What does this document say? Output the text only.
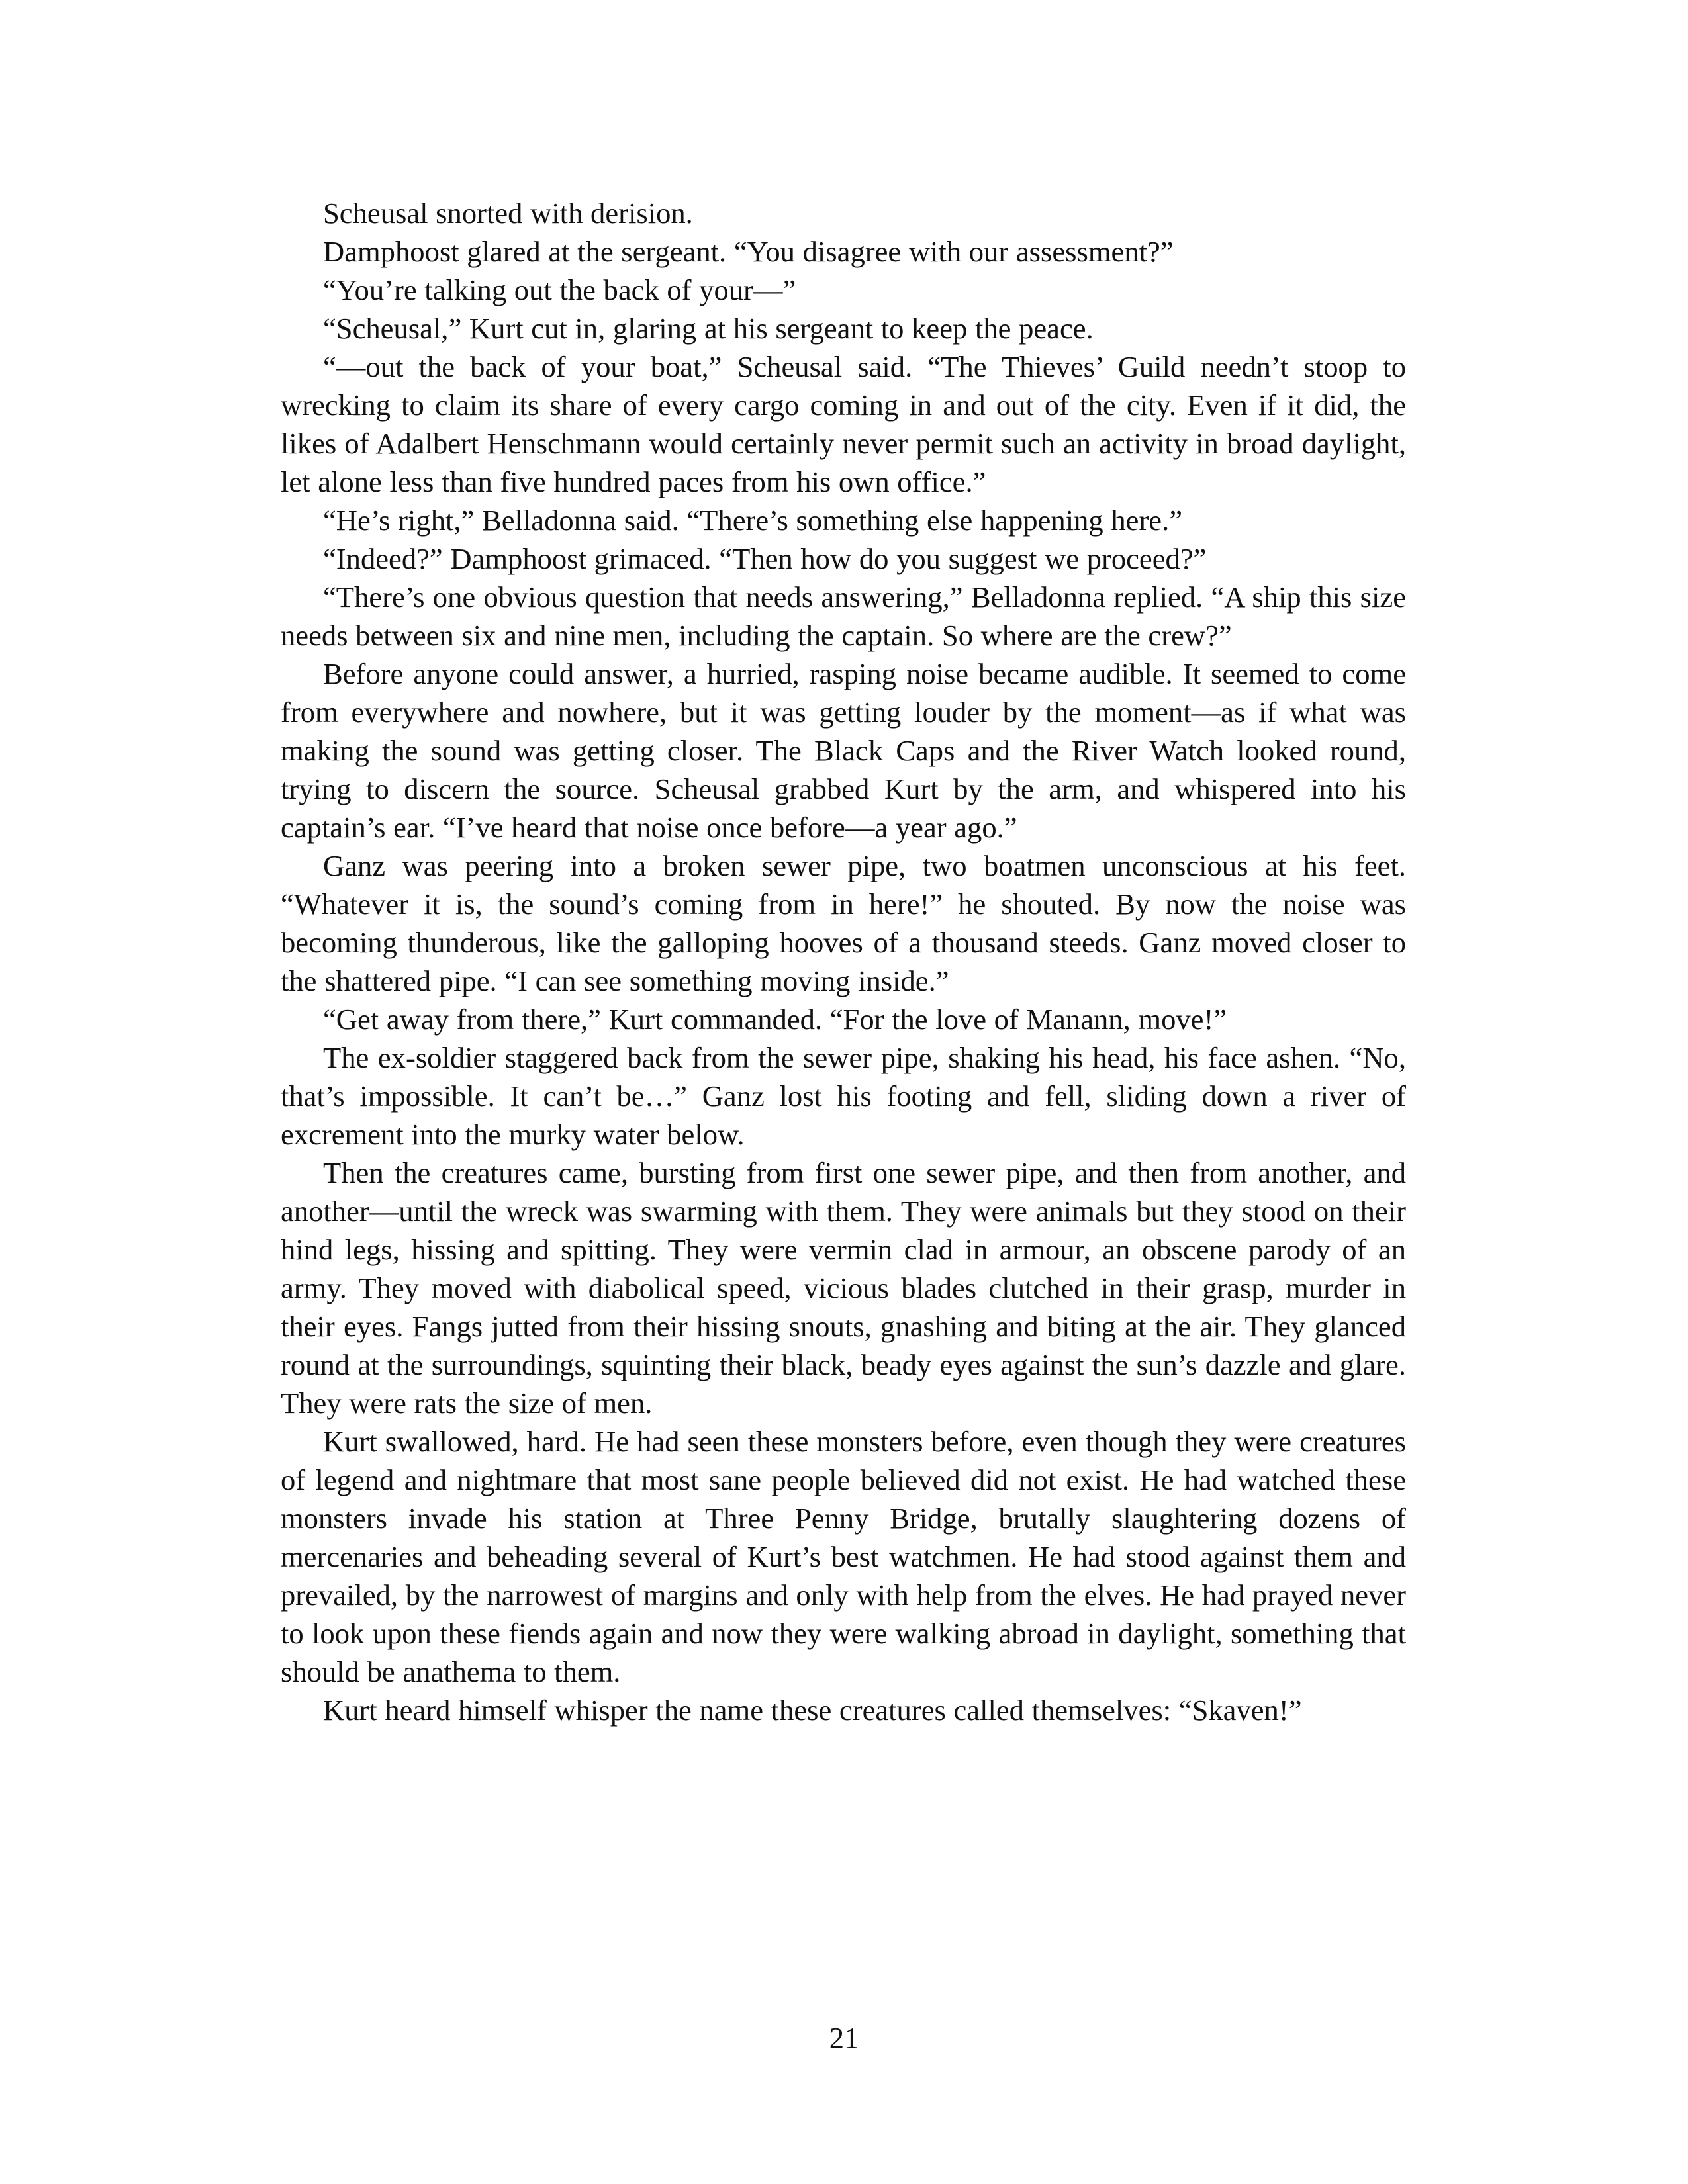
Scheusal snorted with derision.

Damphoost glared at the sergeant. “You disagree with our assessment?”

“You’re talking out the back of your—”

“Scheusal,” Kurt cut in, glaring at his sergeant to keep the peace.

“—out the back of your boat,” Scheusal said. “The Thieves’ Guild needn’t stoop to wrecking to claim its share of every cargo coming in and out of the city. Even if it did, the likes of Adalbert Henschmann would certainly never permit such an activity in broad daylight, let alone less than five hundred paces from his own office.”

“He’s right,” Belladonna said. “There’s something else happening here.”

“Indeed?” Damphoost grimaced. “Then how do you suggest we proceed?”

“There’s one obvious question that needs answering,” Belladonna replied. “A ship this size needs between six and nine men, including the captain. So where are the crew?”

Before anyone could answer, a hurried, rasping noise became audible. It seemed to come from everywhere and nowhere, but it was getting louder by the moment—as if what was making the sound was getting closer. The Black Caps and the River Watch looked round, trying to discern the source. Scheusal grabbed Kurt by the arm, and whispered into his captain’s ear. “I’ve heard that noise once before—a year ago.”

Ganz was peering into a broken sewer pipe, two boatmen unconscious at his feet. “Whatever it is, the sound’s coming from in here!” he shouted. By now the noise was becoming thunderous, like the galloping hooves of a thousand steeds. Ganz moved closer to the shattered pipe. “I can see something moving inside.”

“Get away from there,” Kurt commanded. “For the love of Manann, move!”

The ex-soldier staggered back from the sewer pipe, shaking his head, his face ashen. “No, that’s impossible. It can’t be…” Ganz lost his footing and fell, sliding down a river of excrement into the murky water below.

Then the creatures came, bursting from first one sewer pipe, and then from another, and another—until the wreck was swarming with them. They were animals but they stood on their hind legs, hissing and spitting. They were vermin clad in armour, an obscene parody of an army. They moved with diabolical speed, vicious blades clutched in their grasp, murder in their eyes. Fangs jutted from their hissing snouts, gnashing and biting at the air. They glanced round at the surroundings, squinting their black, beady eyes against the sun’s dazzle and glare. They were rats the size of men.

Kurt swallowed, hard. He had seen these monsters before, even though they were creatures of legend and nightmare that most sane people believed did not exist. He had watched these monsters invade his station at Three Penny Bridge, brutally slaughtering dozens of mercenaries and beheading several of Kurt’s best watchmen. He had stood against them and prevailed, by the narrowest of margins and only with help from the elves. He had prayed never to look upon these fiends again and now they were walking abroad in daylight, something that should be anathema to them.

Kurt heard himself whisper the name these creatures called themselves: “Skaven!”

21
